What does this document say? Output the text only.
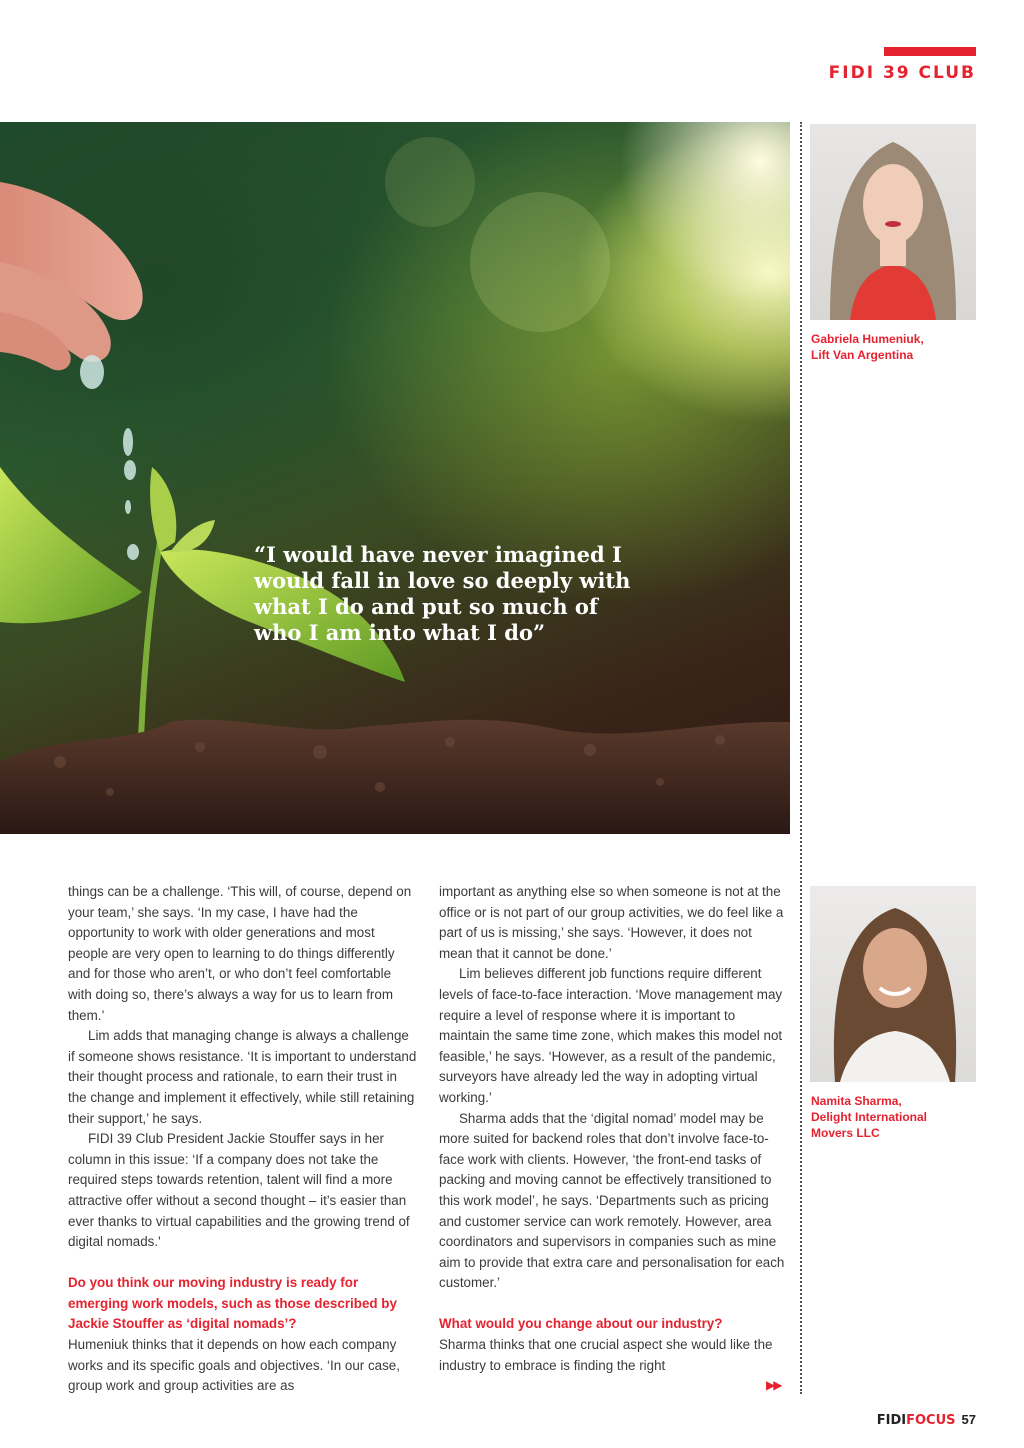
FIDI 39 CLUB
“I would have never imagined I would fall in love so deeply with what I do and put so much of who I am into what I do”
Gabriela Humeniuk,
Lift Van Argentina
Namita Sharma,
Delight International
Movers LLC

things can be a challenge. ‘This will, of course, depend on your team,’ she says. ‘In my case, I have had the opportunity to work with older generations and most people are very open to learning to do things differently and for those who aren’t, or who don’t feel comfortable with doing so, there’s always a way for us to learn from them.’

Lim adds that managing change is always a challenge if someone shows resistance. ‘It is important to understand their thought process and rationale, to earn their trust in the change and implement it effectively, while still retaining their support,’ he says.

FIDI 39 Club President Jackie Stouffer says in her column in this issue: ‘If a company does not take the required steps towards retention, talent will find a more attractive offer without a second thought – it’s easier than ever thanks to virtual capabilities and the growing trend of digital nomads.'

Do you think our moving industry is ready for emerging work models, such as those described by Jackie Stouffer as ‘digital nomads’?

Humeniuk thinks that it depends on how each company works and its specific goals and objectives. ‘In our case, group work and group activities are as

important as anything else so when someone is not at the office or is not part of our group activities, we do feel like a part of us is missing,’ she says. ‘However, it does not mean that it cannot be done.’

Lim believes different job functions require different levels of face-to-face interaction. ‘Move management may require a level of response where it is important to maintain the same time zone, which makes this model not feasible,’ he says. ‘However, as a result of the pandemic, surveyors have already led the way in adopting virtual working.’

Sharma adds that the ‘digital nomad’ model may be more suited for backend roles that don’t involve face-to-face work with clients. However, ‘the front-end tasks of packing and moving cannot be effectively transitioned to this work model’, he says. ‘Departments such as pricing and customer service can work remotely. However, area coordinators and supervisors in companies such as mine aim to provide that extra care and personalisation for each customer.’

What would you change about our industry?

Sharma thinks that one crucial aspect she would like the industry to embrace is finding the right

▶▶
FIDIFOCUS 57
